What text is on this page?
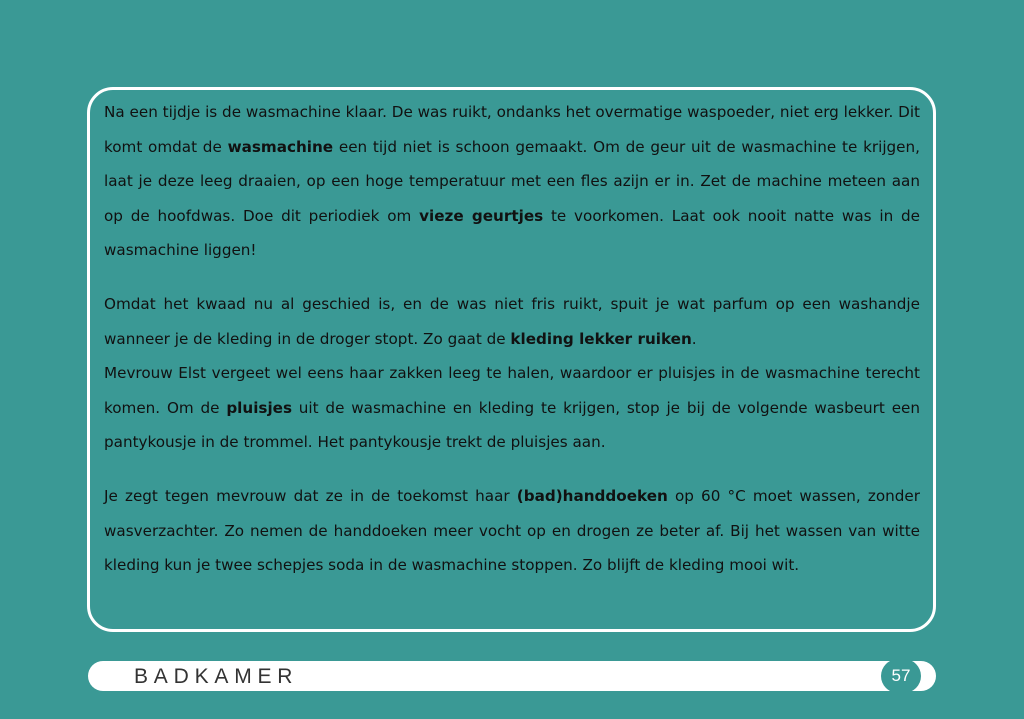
Na een tijdje is de wasmachine klaar. De was ruikt, ondanks het overmatige waspoeder, niet erg lekker. Dit komt omdat de wasmachine een tijd niet is schoon gemaakt. Om de geur uit de wasmachine te krijgen, laat je deze leeg draaien, op een hoge temperatuur met een fles azijn er in. Zet de machine meteen aan op de hoofdwas. Doe dit periodiek om vieze geurtjes te voorkomen. Laat ook nooit natte was in de wasmachine liggen!

Omdat het kwaad nu al geschied is, en de was niet fris ruikt, spuit je wat parfum op een washandje wanneer je de kleding in de droger stopt. Zo gaat de kleding lekker ruiken.

Mevrouw Elst vergeet wel eens haar zakken leeg te halen, waardoor er pluisjes in de wasmachine terecht komen. Om de pluisjes uit de wasmachine en kleding te krijgen, stop je bij de volgende wasbeurt een pantykousje in de trommel. Het pantykousje trekt de pluisjes aan.

Je zegt tegen mevrouw dat ze in de toekomst haar (bad)handdoeken op 60 °C moet wassen, zonder wasverzachter. Zo nemen de handdoeken meer vocht op en drogen ze beter af. Bij het wassen van witte kleding kun je twee schepjes soda in de wasmachine stoppen. Zo blijft de kleding mooi wit.

BADKAMER	57
